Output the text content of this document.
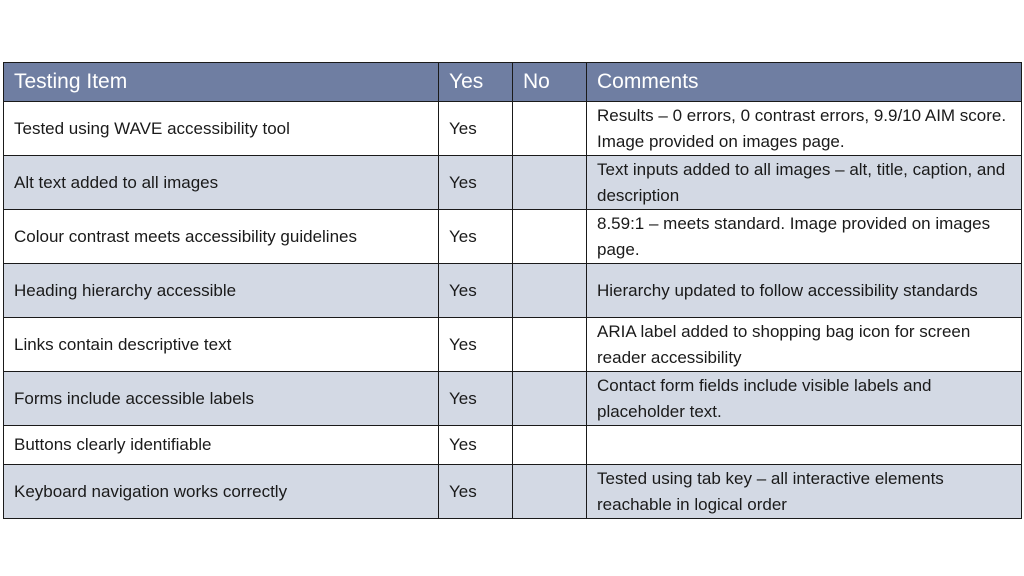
Testing Item	Yes	No	Comments
Tested using WAVE accessibility tool	Yes		Results – 0 errors, 0 contrast errors, 9.9/10 AIM score. Image provided on images page.
Alt text added to all images	Yes		Text inputs added to all images – alt, title, caption, and description
Colour contrast meets accessibility guidelines	Yes		8.59:1 – meets standard. Image provided on images page.
Heading hierarchy accessible	Yes		Hierarchy updated to follow accessibility standards
Links contain descriptive text	Yes		ARIA label added to shopping bag icon for screen reader accessibility
Forms include accessible labels	Yes		Contact form fields include visible labels and placeholder text.
Buttons clearly identifiable	Yes		
Keyboard navigation works correctly	Yes		Tested using tab key – all interactive elements reachable in logical order
